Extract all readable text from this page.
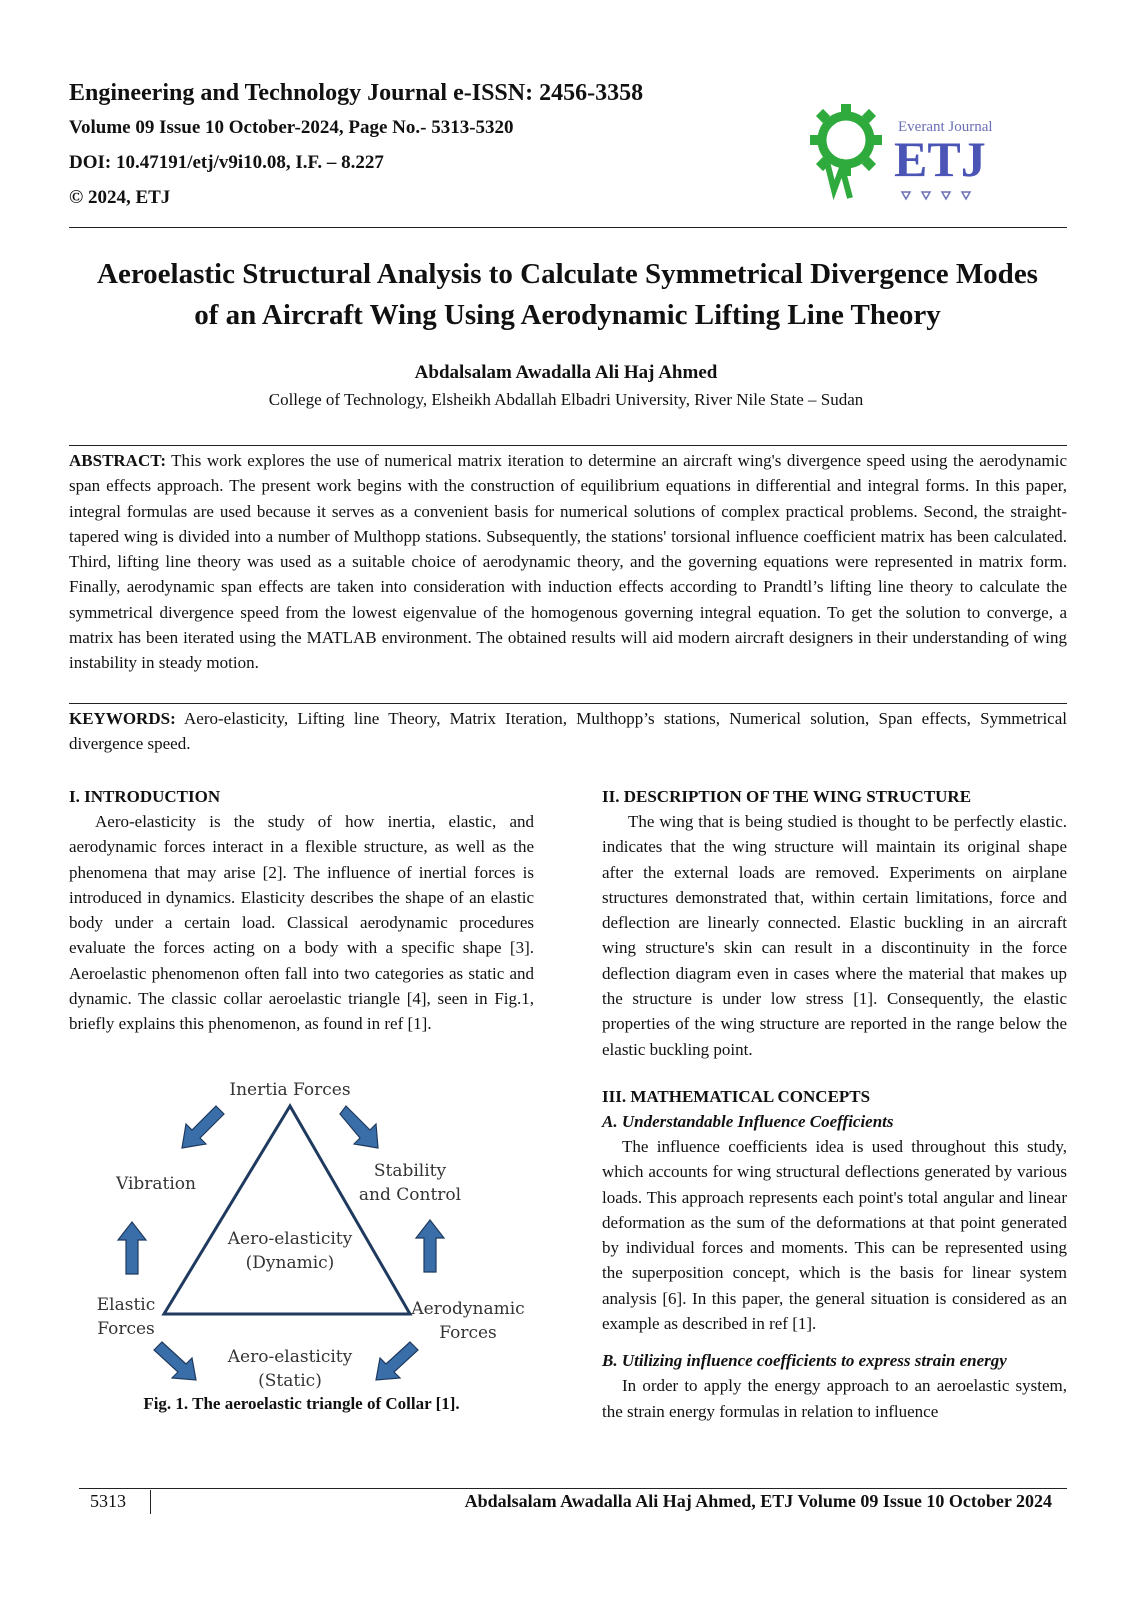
Engineering and Technology Journal e-ISSN: 2456-3358

Volume 09 Issue 10 October-2024, Page No.- 5313-5320

DOI: 10.47191/etj/v9i10.08, I.F. – 8.227

© 2024, ETJ

Everant Journal
ETJ
Aeroelastic Structural Analysis to Calculate Symmetrical Divergence Modes
of an Aircraft Wing Using Aerodynamic Lifting Line Theory

Abdalsalam Awadalla Ali Haj Ahmed

College of Technology, Elsheikh Abdallah Elbadri University, River Nile State – Sudan

ABSTRACT: This work explores the use of numerical matrix iteration to determine an aircraft wing's divergence speed using the aerodynamic span effects approach. The present work begins with the construction of equilibrium equations in differential and integral forms. In this paper, integral formulas are used because it serves as a convenient basis for numerical solutions of complex practical problems. Second, the straight-tapered wing is divided into a number of Multhopp stations. Subsequently, the stations' torsional influence coefficient matrix has been calculated. Third, lifting line theory was used as a suitable choice of aerodynamic theory, and the governing equations were represented in matrix form. Finally, aerodynamic span effects are taken into consideration with induction effects according to Prandtl’s lifting line theory to calculate the symmetrical divergence speed from the lowest eigenvalue of the homogenous governing integral equation. To get the solution to converge, a matrix has been iterated using the MATLAB environment. The obtained results will aid modern aircraft designers in their understanding of wing instability in steady motion.

KEYWORDS: Aero-elasticity, Lifting line Theory, Matrix Iteration, Multhopp’s stations, Numerical solution, Span effects, Symmetrical divergence speed.

I. INTRODUCTION

Aero-elasticity is the study of how inertia, elastic, and aerodynamic forces interact in a flexible structure, as well as the phenomena that may arise [2]. The influence of inertial forces is introduced in dynamics. Elasticity describes the shape of an elastic body under a certain load. Classical aerodynamic procedures evaluate the forces acting on a body with a specific shape [3]. Aeroelastic phenomenon often fall into two categories as static and dynamic. The classic collar aeroelastic triangle [4], seen in Fig.1, briefly explains this phenomenon, as found in ref [1].

Inertia Forces
Vibration
Stability
and Control
Aero-elasticity
(Dynamic)
Elastic
Forces
Aerodynamic
Forces
Aero-elasticity
(Static)

Fig. 1. The aeroelastic triangle of Collar [1].

II. DESCRIPTION OF THE WING STRUCTURE

The wing that is being studied is thought to be perfectly elastic. indicates that the wing structure will maintain its original shape after the external loads are removed. Experiments on airplane structures demonstrated that, within certain limitations, force and deflection are linearly connected. Elastic buckling in an aircraft wing structure's skin can result in a discontinuity in the force deflection diagram even in cases where the material that makes up the structure is under low stress [1]. Consequently, the elastic properties of the wing structure are reported in the range below the elastic buckling point.

III. MATHEMATICAL CONCEPTS

A. Understandable Influence Coefficients

The influence coefficients idea is used throughout this study, which accounts for wing structural deflections generated by various loads. This approach represents each point's total angular and linear deformation as the sum of the deformations at that point generated by individual forces and moments. This can be represented using the superposition concept, which is the basis for linear system analysis [6]. In this paper, the general situation is considered as an example as described in ref [1].

B. Utilizing influence coefficients to express strain energy

In order to apply the energy approach to an aeroelastic system, the strain energy formulas in relation to influence

5313	Abdalsalam Awadalla Ali Haj Ahmed, ETJ Volume 09 Issue 10 October 2024
